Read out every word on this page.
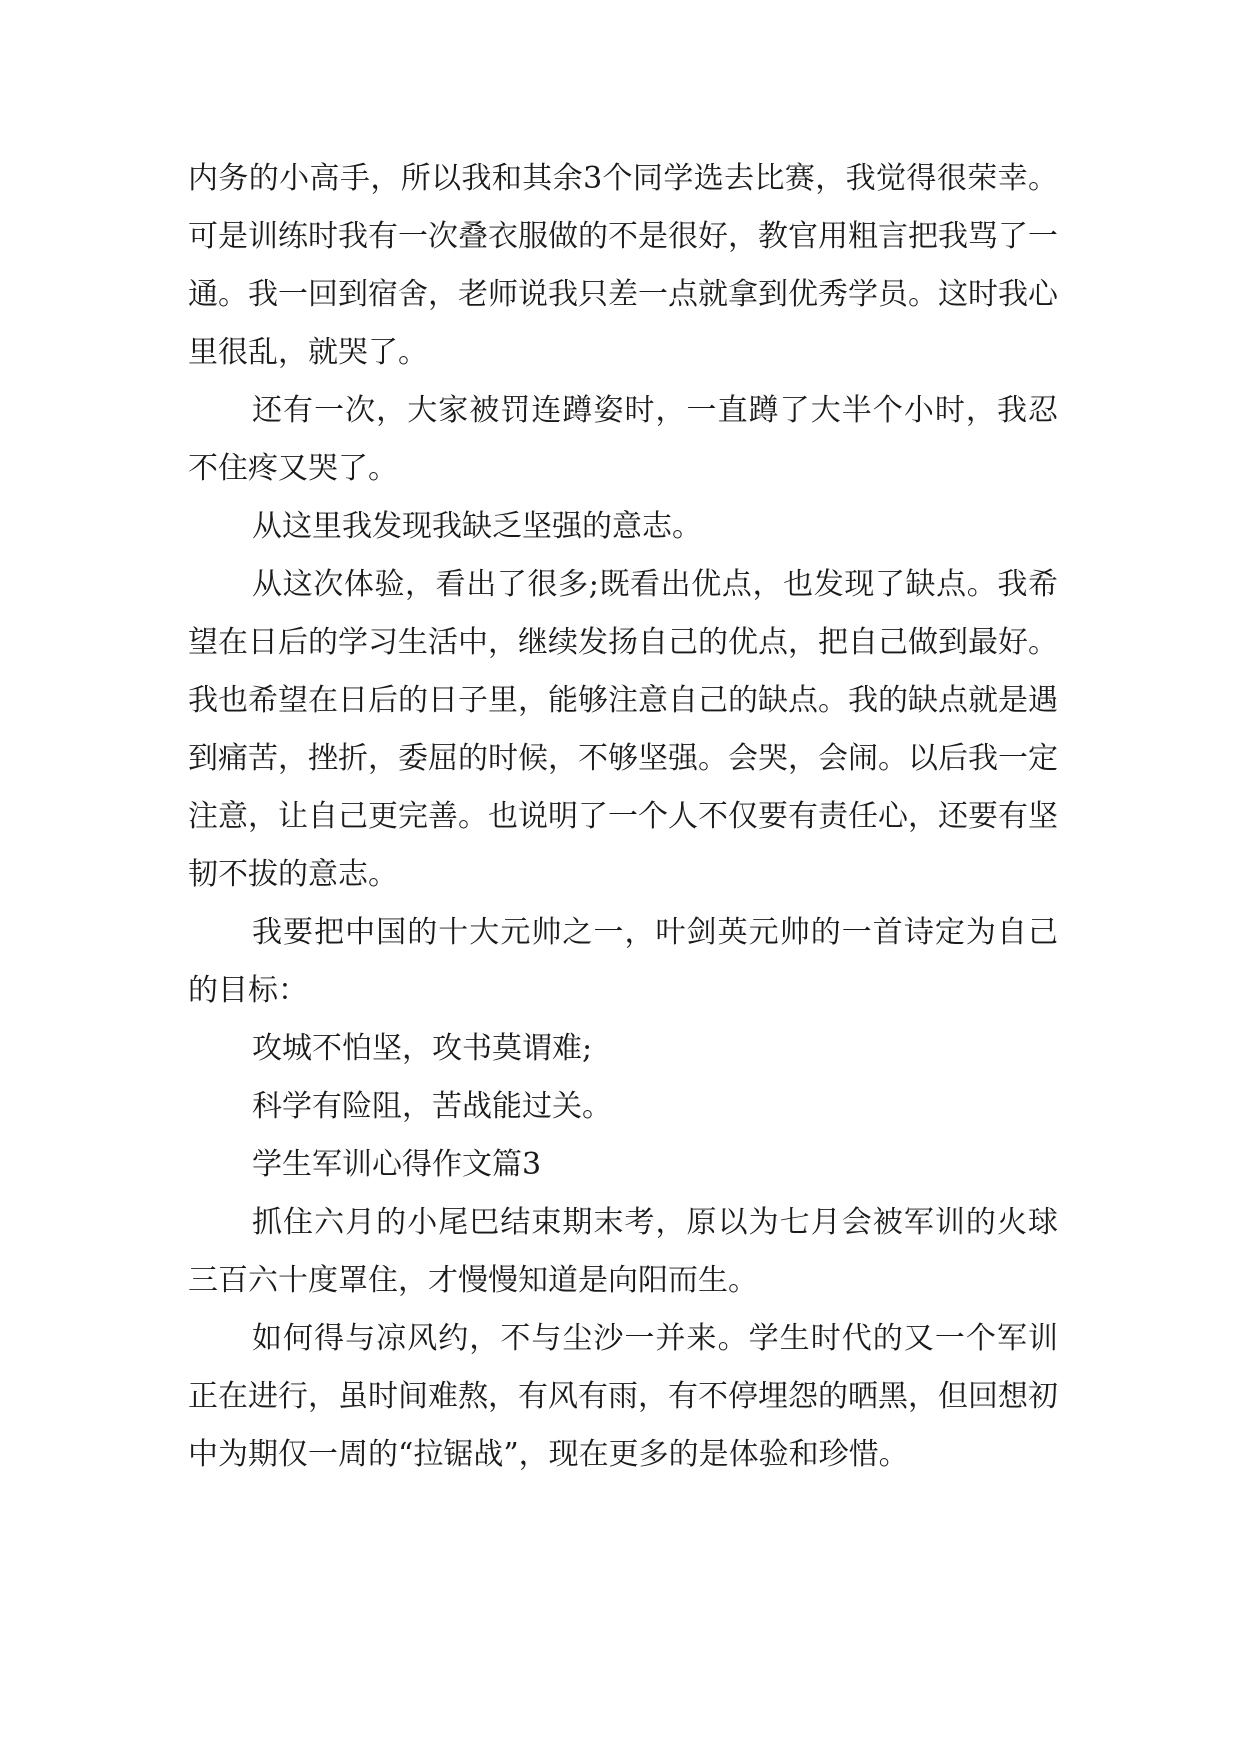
内务的小高手，所以我和其余3个同学选去比赛，我觉得很荣幸。可是训练时我有一次叠衣服做的不是很好，教官用粗言把我骂了一通。我一回到宿舍，老师说我只差一点就拿到优秀学员。这时我心里很乱，就哭了。

还有一次，大家被罚连蹲姿时，一直蹲了大半个小时，我忍不住疼又哭了。

从这里我发现我缺乏坚强的意志。

从这次体验，看出了很多;既看出优点，也发现了缺点。我希望在日后的学习生活中，继续发扬自己的优点，把自己做到最好。我也希望在日后的日子里，能够注意自己的缺点。我的缺点就是遇到痛苦，挫折，委屈的时候，不够坚强。会哭，会闹。以后我一定注意，让自己更完善。也说明了一个人不仅要有责任心，还要有坚韧不拔的意志。

我要把中国的十大元帅之一，叶剑英元帅的一首诗定为自己的目标：

攻城不怕坚，攻书莫谓难;

科学有险阻，苦战能过关。

学生军训心得作文篇3

抓住六月的小尾巴结束期末考，原以为七月会被军训的火球三百六十度罩住，才慢慢知道是向阳而生。

如何得与凉风约，不与尘沙一并来。学生时代的又一个军训正在进行，虽时间难熬，有风有雨，有不停埋怨的晒黑，但回想初中为期仅一周的“拉锯战”，现在更多的是体验和珍惜。
